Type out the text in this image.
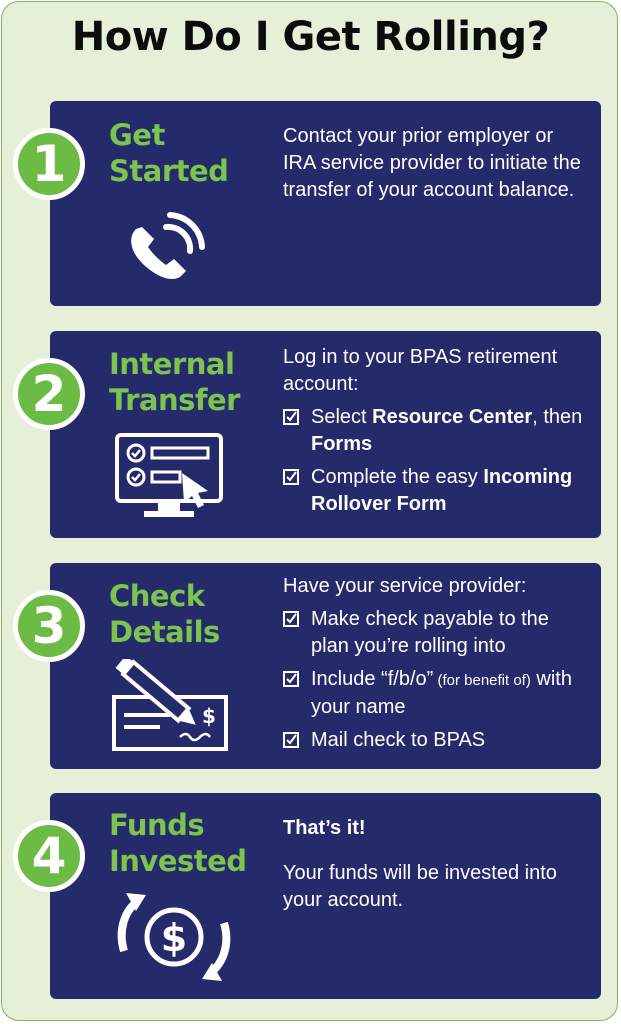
How Do I Get Rolling?
Get
Started
Contact your prior employer or IRA service provider to initiate the transfer of your account balance.
1
Internal
Transfer

Log in to your BPAS retirement account:

Select Resource Center, then Forms
Complete the easy Incoming Rollover Form
2
Check
Details
$

Have your service provider:

Make check payable to the plan you’re rolling into
Include “f/b/o” (for benefit of) with your name
Mail check to BPAS
3
Funds
Invested
$

That’s it!

Your funds will be invested into your account.

4
